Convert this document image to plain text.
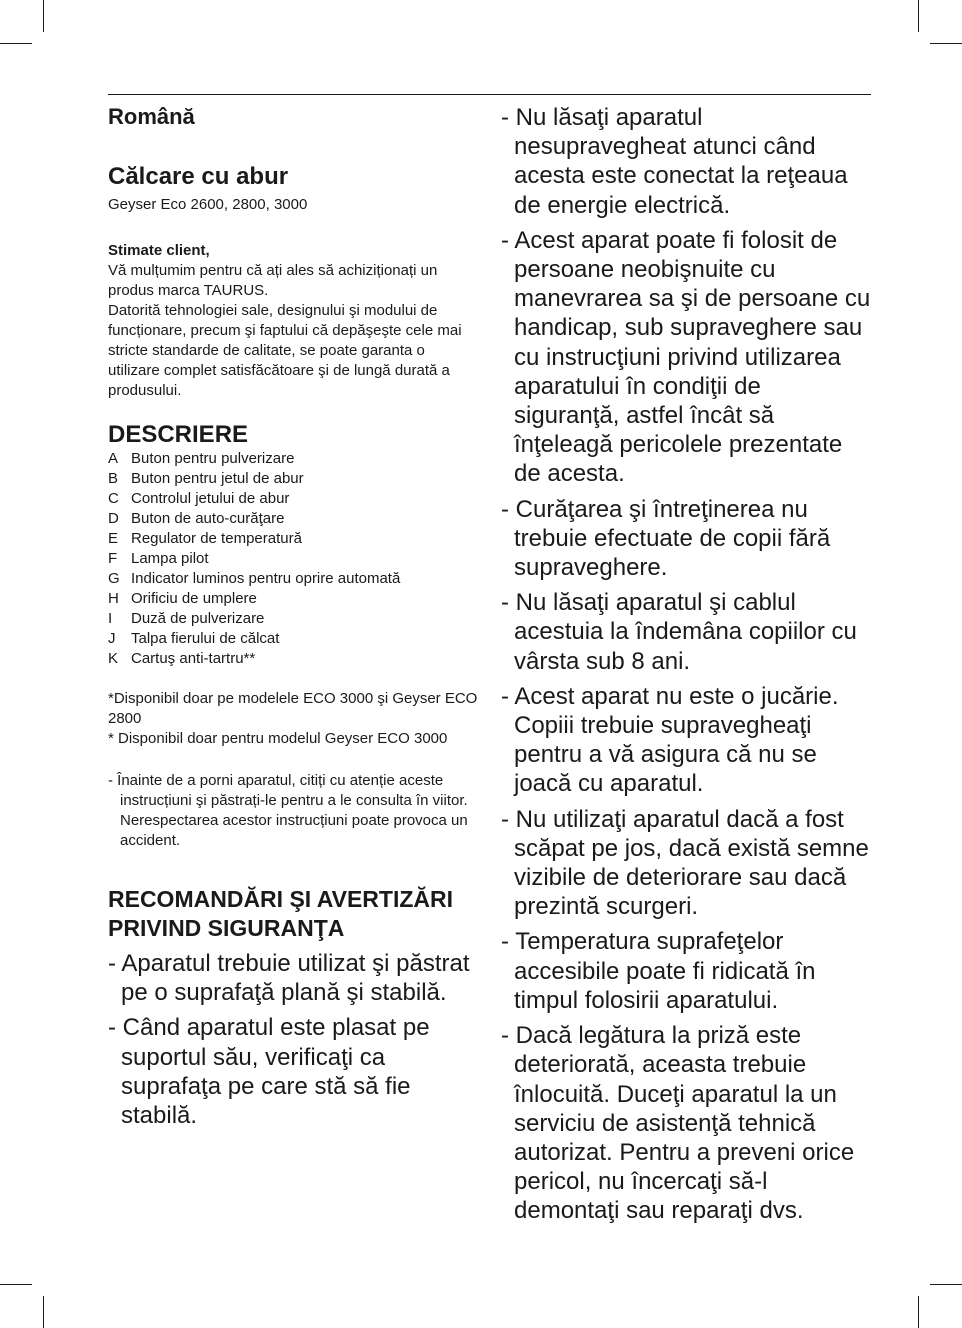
Română
Călcare cu abur

Geyser Eco 2600, 2800, 3000

Stimate client,

Vă mulțumim pentru că ați ales să achiziționați un produs marca TAURUS.

Datorită tehnologiei sale, designului şi modului de funcționare, precum şi faptului că depăşeşte cele mai stricte standarde de calitate, se poate garanta o utilizare complet satisfăcătoare şi de lungă durată a produsului.

DESCRIERE
A Buton pentru pulverizare
B Buton pentru jetul de abur
C Controlul jetului de abur
D Buton de auto-curăţare
E Regulator de temperatură
F Lampa pilot
G Indicator luminos pentru oprire automată
H Orificiu de umplere
I	Duză de pulverizare
J	Talpa fierului de călcat
K Cartuş anti-tartru**

*Disponibil doar pe modelele ECO 3000 şi Geyser ECO 2800

* Disponibil doar pentru modelul Geyser ECO 3000

- Înainte de a porni aparatul, citiți cu atenție aceste instrucțiuni şi păstrați-le pentru a le consulta în viitor. Nerespectarea acestor instrucțiuni poate provoca un accident.

RECOMANDĂRI ŞI AVERTIZĂRI PRIVIND SIGURANŢA
- Aparatul trebuie utilizat şi păstrat pe o suprafaţă plană şi stabilă.
- Când aparatul este plasat pe suportul său, verificaţi ca suprafaţa pe care stă să fie stabilă.
- Nu lăsaţi aparatul nesupravegheat atunci când acesta este conectat la reţeaua de energie electrică.
- Acest aparat poate fi folosit de persoane neobişnuite cu manevrarea sa şi de persoane cu handicap, sub supraveghere sau cu instrucţiuni privind utilizarea aparatului în condiţii de siguranţă, astfel încât să înţeleagă pericolele prezentate de acesta.
- Curăţarea şi întreţinerea nu trebuie efectuate de copii fără supraveghere.
- Nu lăsaţi aparatul şi cablul acestuia la îndemâna copiilor cu vârsta sub 8 ani.
- Acest aparat nu este o jucărie. Copiii trebuie supravegheaţi pentru a vă asigura că nu se joacă cu aparatul.
- Nu utilizaţi aparatul dacă a fost scăpat pe jos, dacă există semne vizibile de deteriorare sau dacă prezintă scurgeri.
- Temperatura suprafeţelor accesibile poate fi ridicată în timpul folosirii aparatului.
- Dacă legătura la priză este deteriorată, aceasta trebuie înlocuită. Duceţi aparatul la un serviciu de asistenţă tehnică autorizat. Pentru a preveni orice pericol, nu încercaţi să-l demontaţi sau reparaţi dvs.
